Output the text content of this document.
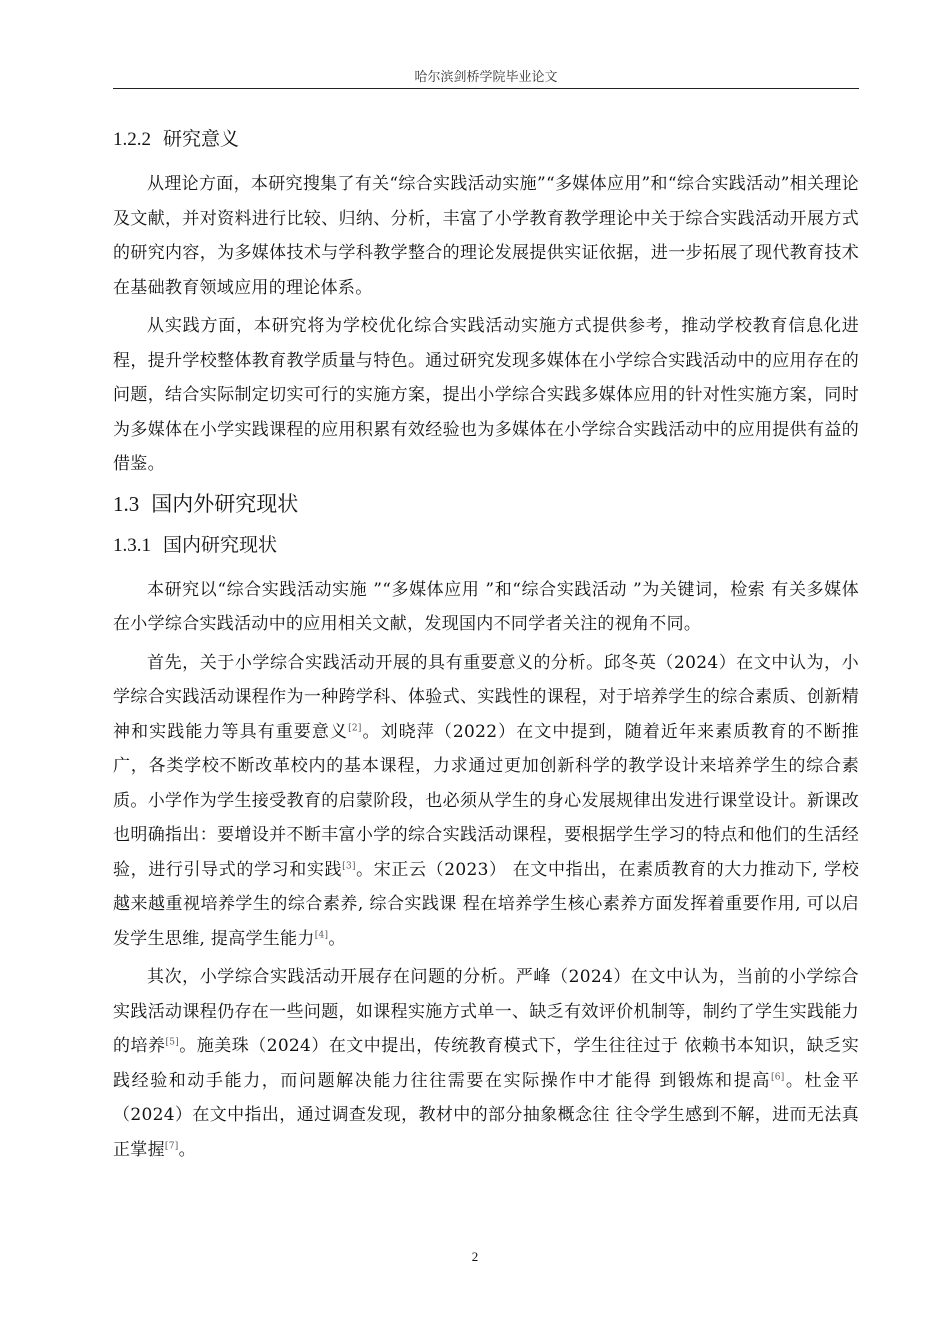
哈尔滨剑桥学院毕业论文
1.2.2 研究意义

从理论方面，本研究搜集了有关“综合实践活动实施”“多媒体应用”和“综合实践活动”相关理论及文献，并对资料进行比较、归纳、分析，丰富了小学教育教学理论中关于综合实践活动开展方式的研究内容，为多媒体技术与学科教学整合的理论发展提供实证依据，进一步拓展了现代教育技术在基础教育领域应用的理论体系。

从实践方面，本研究将为学校优化综合实践活动实施方式提供参考，推动学校教育信息化进程，提升学校整体教育教学质量与特色。通过研究发现多媒体在小学综合实践活动中的应用存在的问题，结合实际制定切实可行的实施方案，提出小学综合实践多媒体应用的针对性实施方案，同时为多媒体在小学实践课程的应用积累有效经验也为多媒体在小学综合实践活动中的应用提供有益的借鉴。

1.3 国内外研究现状
1.3.1 国内研究现状

本研究以“综合实践活动实施 ”“多媒体应用 ”和“综合实践活动 ”为关键词，检索 有关多媒体在小学综合实践活动中的应用相关文献，发现国内不同学者关注的视角不同。

首先，关于小学综合实践活动开展的具有重要意义的分析。邱冬英（2024）在文中认为，小学综合实践活动课程作为一种跨学科、体验式、实践性的课程，对于培养学生的综合素质、创新精神和实践能力等具有重要意义[2]。刘晓萍（2022）在文中提到，随着近年来素质教育的不断推广，各类学校不断改革校内的基本课程，力求通过更加创新科学的教学设计来培养学生的综合素质。小学作为学生接受教育的启蒙阶段，也必须从学生的身心发展规律出发进行课堂设计。新课改也明确指出：要增设并不断丰富小学的综合实践活动课程，要根据学生学习的特点和他们的生活经验，进行引导式的学习和实践[3]。宋正云（2023） 在文中指出，在素质教育的大力推动下, 学校越来越重视培养学生的综合素养, 综合实践课 程在培养学生核心素养方面发挥着重要作用, 可以启发学生思维, 提高学生能力[4]。

其次，小学综合实践活动开展存在问题的分析。严峰（2024）在文中认为，当前的小学综合实践活动课程仍存在一些问题，如课程实施方式单一、缺乏有效评价机制等，制约了学生实践能力的培养[5]。施美珠（2024）在文中提出，传统教育模式下，学生往往过于 依赖书本知识，缺乏实践经验和动手能力，而问题解决能力往往需要在实际操作中才能得 到锻炼和提高[6]。杜金平（2024）在文中指出，通过调查发现，教材中的部分抽象概念往 往令学生感到不解，进而无法真正掌握[7]。

2
